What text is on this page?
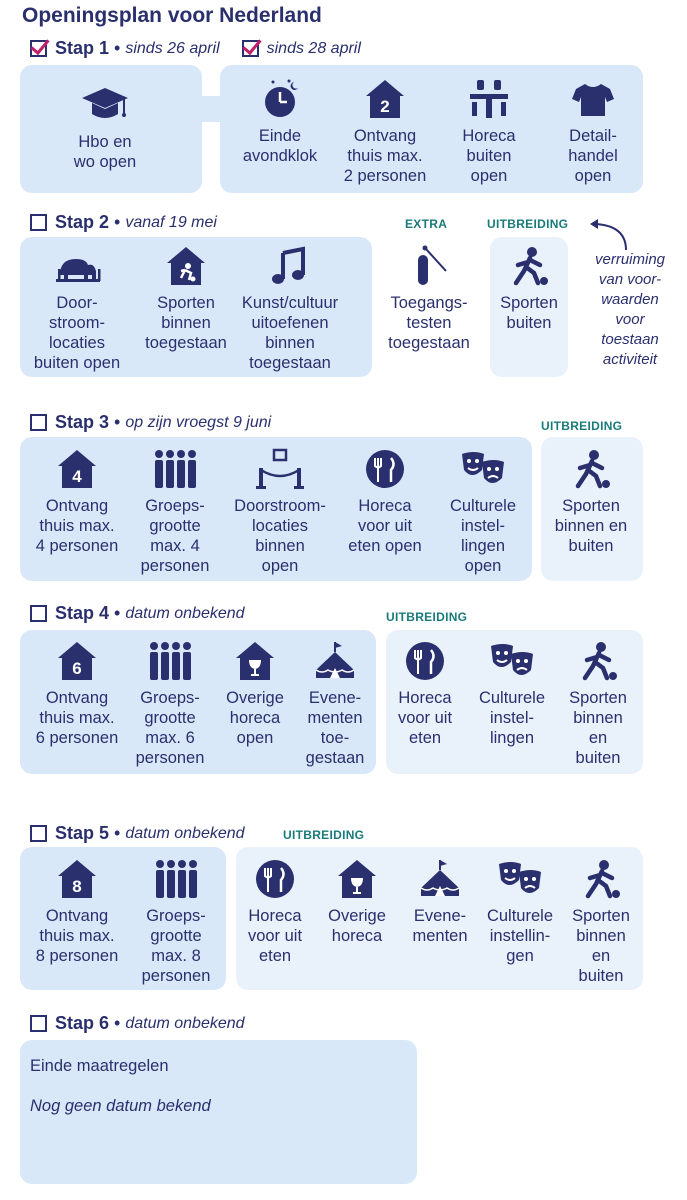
Openingsplan voor Nederland
Stap 1 • sinds 26 april	sinds 28 april
Hbo en
wo open
Einde
avondklok
2
Ontvang
thuis max.
2 personen
Horeca
buiten
open
Detail-
handel
open
Stap 2 • vanaf 19 mei	EXTRA	UITBREIDING
verruiming
van voor-
waarden
voor
toestaan
activiteit
Door-
stroom-
locaties
buiten open
Sporten
binnen
toegestaan
Kunst/cultuur
uitoefenen
binnen
toegestaan
Toegangs-
testen
toegestaan
Sporten
buiten
Stap 3 • op zijn vroegst 9 juni	UITBREIDING
4
Ontvang
thuis max.
4 personen
Groeps-
grootte
max. 4
personen
Doorstroom-
locaties
binnen
open
Horeca
voor uit
eten open
Culturele
instel-
lingen
open
Sporten
binnen en
buiten
Stap 4 • datum onbekend	UITBREIDING
6
Ontvang
thuis max.
6 personen
Groeps-
grootte
max. 6
personen
Overige
horeca
open
Evene-
menten
toe-
gestaan
Horeca
voor uit
eten
Culturele
instel-
lingen
Sporten
binnen
en
buiten
Stap 5 • datum onbekend	UITBREIDING
8
Ontvang
thuis max.
8 personen
Groeps-
grootte
max. 8
personen
Horeca
voor uit
eten
Overige
horeca
Evene-
menten
Culturele
instellin-
gen
Sporten
binnen
en
buiten
Stap 6 • datum onbekend
Einde maatregelen
Nog geen datum bekend
